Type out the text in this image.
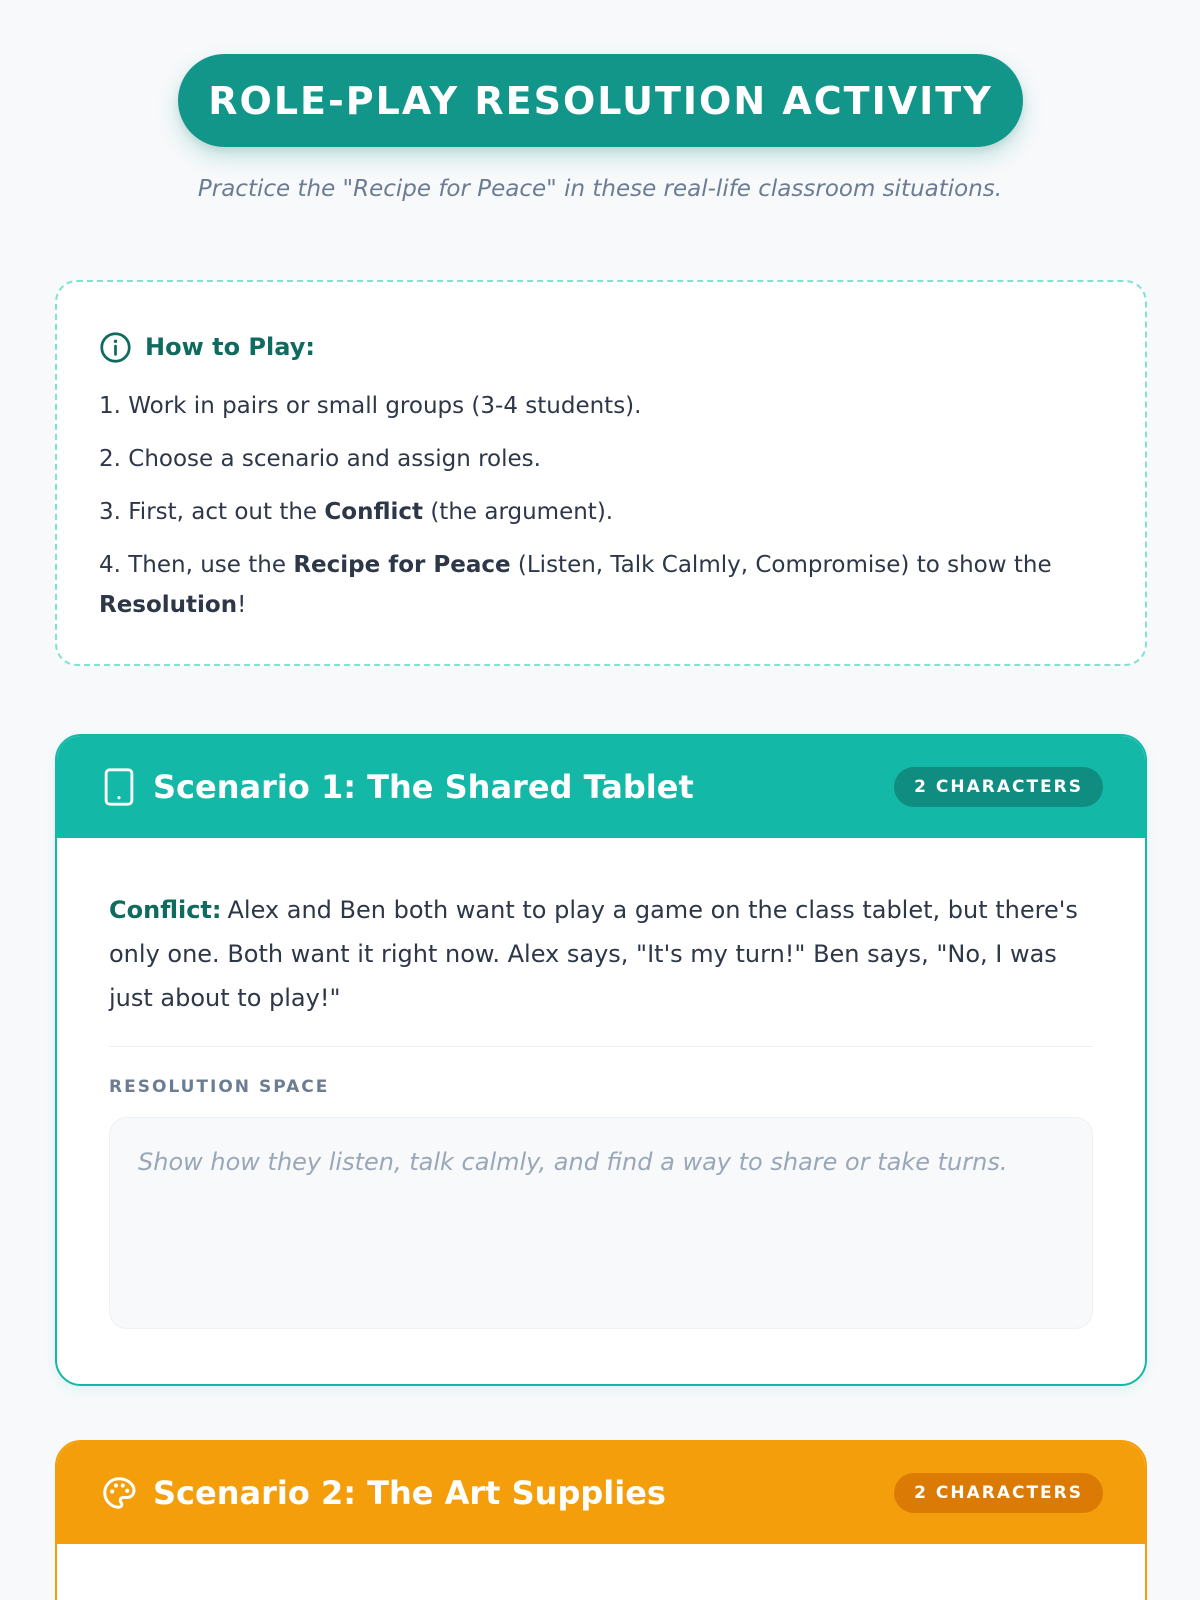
ROLE-PLAY RESOLUTION ACTIVITY

Practice the "Recipe for Peace" in these real-life classroom situations.

How to Play:

1. Work in pairs or small groups (3-4 students).

2. Choose a scenario and assign roles.

3. First, act out the Conflict (the argument).

4. Then, use the Recipe for Peace (Listen, Talk Calmly, Compromise) to show the Resolution!

Scenario 1: The Shared Tablet	2 CHARACTERS

Conflict: Alex and Ben both want to play a game on the class tablet, but there's only one. Both want it right now. Alex says, "It's my turn!" Ben says, "No, I was just about to play!"

RESOLUTION SPACE
Show how they listen, talk calmly, and find a way to share or take turns.
Scenario 2: The Art Supplies	2 CHARACTERS
